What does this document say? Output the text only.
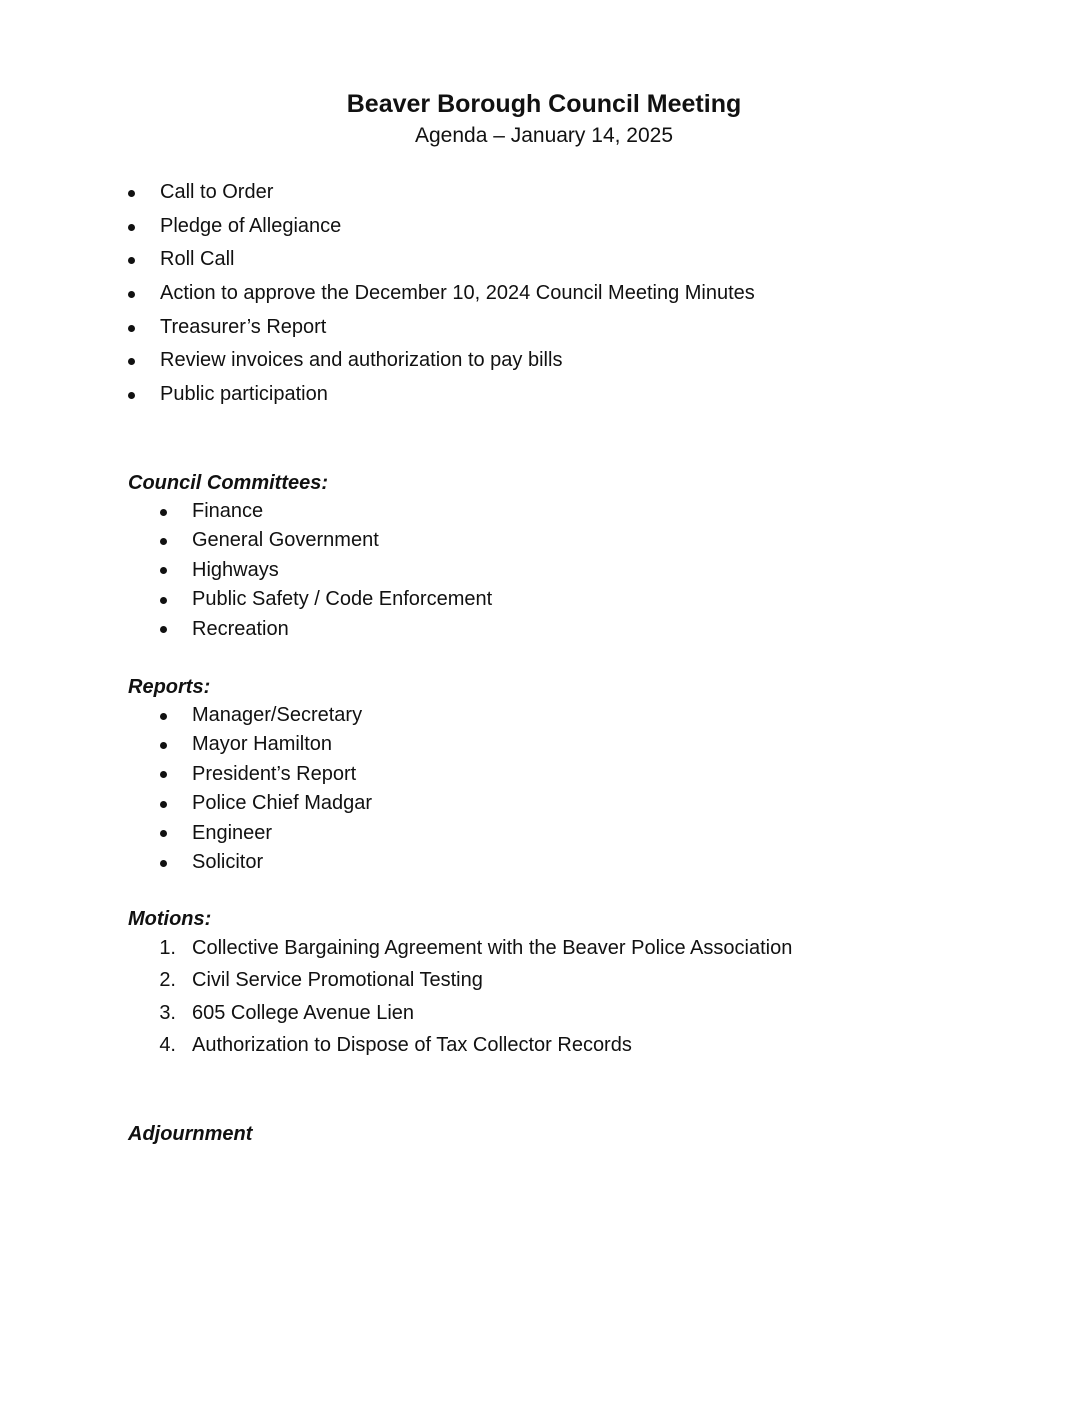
Beaver Borough Council Meeting
Agenda – January 14, 2025
Call to Order
Pledge of Allegiance
Roll Call
Action to approve the December 10, 2024 Council Meeting Minutes
Treasurer’s Report
Review invoices and authorization to pay bills
Public participation
Council Committees:
Finance
General Government
Highways
Public Safety / Code Enforcement
Recreation
Reports:
Manager/Secretary
Mayor Hamilton
President’s Report
Police Chief Madgar
Engineer
Solicitor
Motions:
1. Collective Bargaining Agreement with the Beaver Police Association
2. Civil Service Promotional Testing
3. 605 College Avenue Lien
4. Authorization to Dispose of Tax Collector Records
Adjournment
